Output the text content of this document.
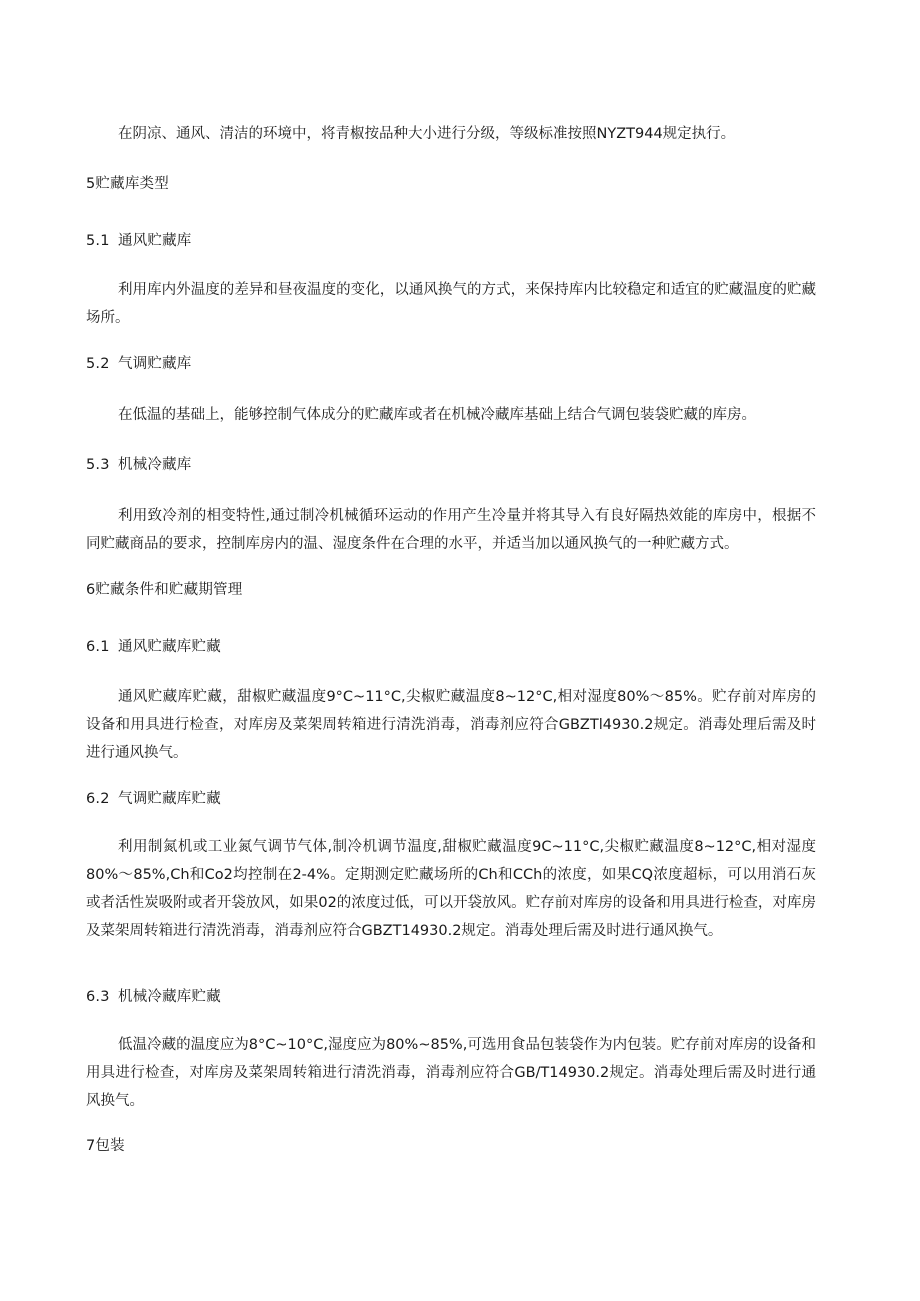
在阴凉、通风、清洁的环境中，将青椒按品种大小进行分级，等级标准按照NYZT944规定执行。

5贮藏库类型
5.1 通风贮藏库

利用库内外温度的差异和昼夜温度的变化，以通风换气的方式，来保持库内比较稳定和适宜的贮藏温度的贮藏场所。

5.2 气调贮藏库

在低温的基础上，能够控制气体成分的贮藏库或者在机械冷藏库基础上结合气调包装袋贮藏的库房。

5.3 机械冷藏库

利用致冷剂的相变特性,通过制冷机械循环运动的作用产生冷量并将其导入有良好隔热效能的库房中，根据不同贮藏商品的要求，控制库房内的温、湿度条件在合理的水平，并适当加以通风换气的一种贮藏方式。

6贮藏条件和贮藏期管理
6.1 通风贮藏库贮藏

通风贮藏库贮藏，甜椒贮藏温度9°C~11°C,尖椒贮藏温度8~12°C,相对湿度80%～85%。贮存前对库房的设备和用具进行检查，对库房及菜架周转箱进行清洗消毒，消毒剂应符合GBZTl4930.2规定。消毒处理后需及时进行通风换气。

6.2 气调贮藏库贮藏

利用制氮机或工业氮气调节气体,制冷机调节温度,甜椒贮藏温度9C~11°C,尖椒贮藏温度8~12°C,相对湿度80%～85%,Ch和Co2均控制在2-4%。定期测定贮藏场所的Ch和CCh的浓度，如果CQ浓度超标，可以用消石灰或者活性炭吸附或者开袋放风，如果02的浓度过低，可以开袋放风。贮存前对库房的设备和用具进行检查，对库房及菜架周转箱进行清洗消毒，消毒剂应符合GBZT14930.2规定。消毒处理后需及时进行通风换气。

6.3 机械冷藏库贮藏

低温冷藏的温度应为8°C~10°C,湿度应为80%~85%,可选用食品包装袋作为内包装。贮存前对库房的设备和用具进行检查，对库房及菜架周转箱进行清洗消毒，消毒剂应符合GB/T14930.2规定。消毒处理后需及时进行通风换气。

7包装
